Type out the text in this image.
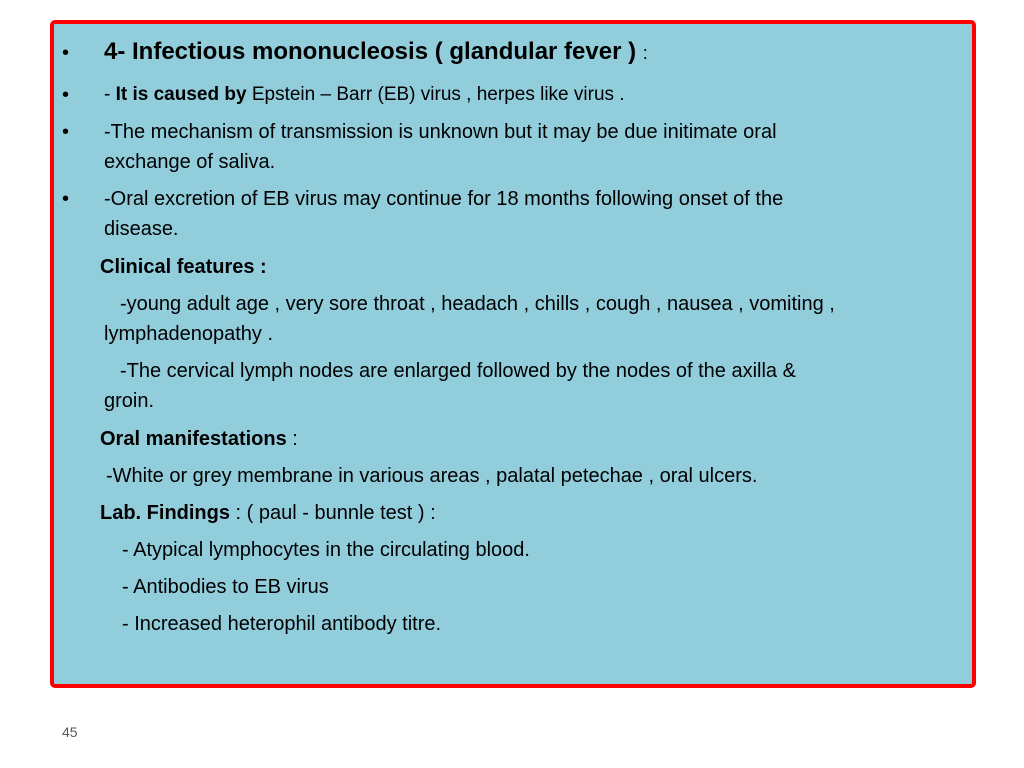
• 4- Infectious mononucleosis ( glandular fever ) :
• - It is caused by Epstein – Barr (EB) virus , herpes like virus .
• -The mechanism of transmission is unknown but it may be due initimate oral
exchange of saliva.
• -Oral excretion of EB virus may continue for 18 months following onset of the
disease.
Clinical features :
-young adult age , very sore throat , headach , chills , cough , nausea , vomiting ,
lymphadenopathy .
-The cervical lymph nodes are enlarged followed by the nodes of the axilla &
groin.
Oral manifestations :
-White or grey membrane in various areas , palatal petechae , oral ulcers.
Lab. Findings : ( paul - bunnle test ) :
- Atypical lymphocytes in the circulating blood.
- Antibodies to EB virus
- Increased heterophil antibody titre.
45
